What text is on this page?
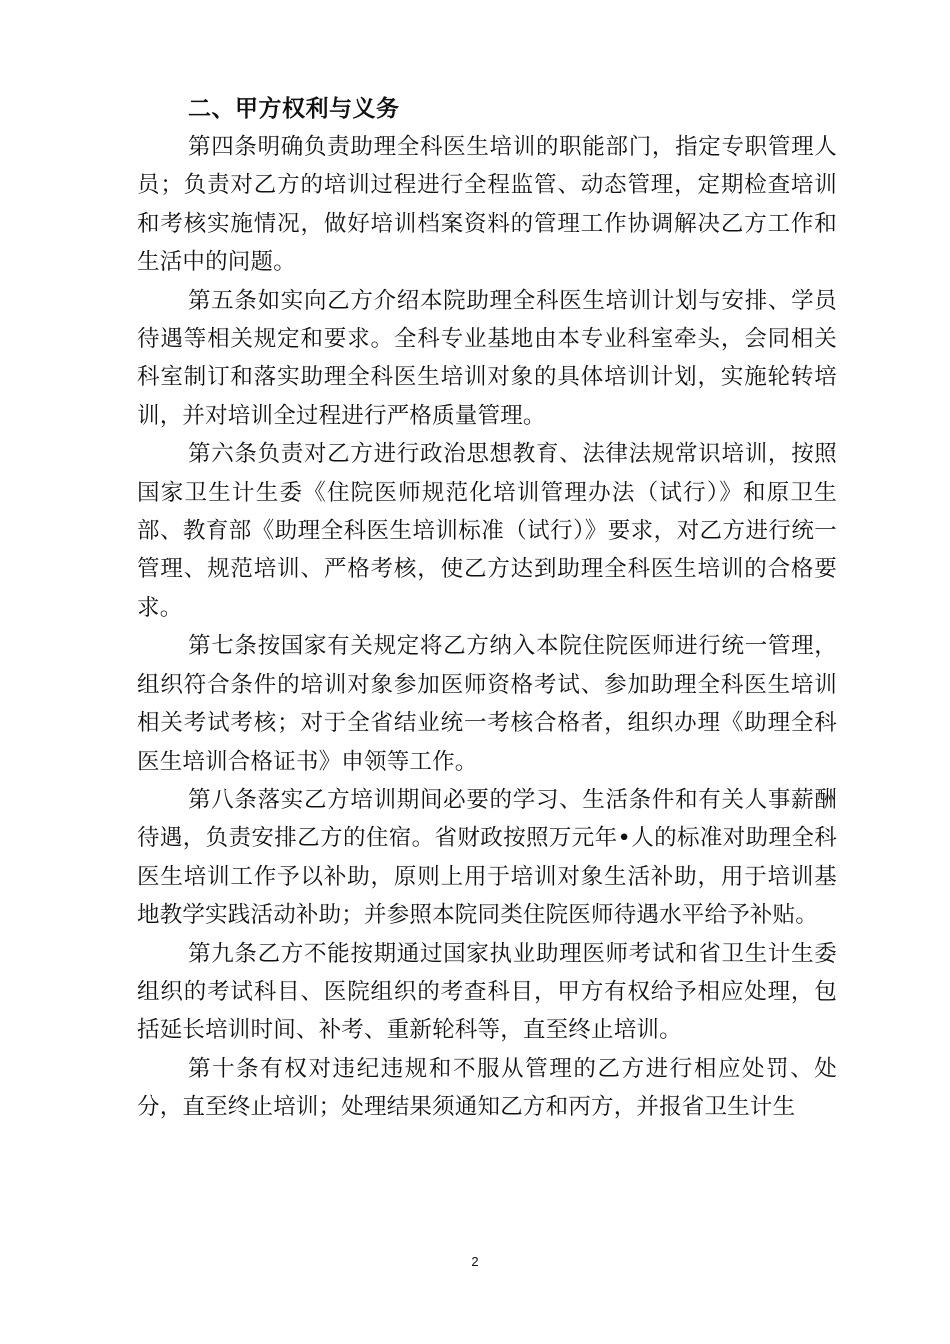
二、甲方权利与义务

第四条明确负责助理全科医生培训的职能部门，指定专职管理人员；负责对乙方的培训过程进行全程监管、动态管理，定期检查培训和考核实施情况，做好培训档案资料的管理工作协调解决乙方工作和生活中的问题。

第五条如实向乙方介绍本院助理全科医生培训计划与安排、学员待遇等相关规定和要求。全科专业基地由本专业科室牵头，会同相关科室制订和落实助理全科医生培训对象的具体培训计划，实施轮转培训，并对培训全过程进行严格质量管理。

第六条负责对乙方进行政治思想教育、法律法规常识培训，按照国家卫生计生委《住院医师规范化培训管理办法（试行）》和原卫生部、教育部《助理全科医生培训标准（试行）》要求，对乙方进行统一管理、规范培训、严格考核，使乙方达到助理全科医生培训的合格要求。

第七条按国家有关规定将乙方纳入本院住院医师进行统一管理，组织符合条件的培训对象参加医师资格考试、参加助理全科医生培训相关考试考核；对于全省结业统一考核合格者，组织办理《助理全科医生培训合格证书》申领等工作。

第八条落实乙方培训期间必要的学习、生活条件和有关人事薪酬待遇，负责安排乙方的住宿。省财政按照万元年•人的标准对助理全科医生培训工作予以补助，原则上用于培训对象生活补助，用于培训基地教学实践活动补助；并参照本院同类住院医师待遇水平给予补贴。

第九条乙方不能按期通过国家执业助理医师考试和省卫生计生委组织的考试科目、医院组织的考查科目，甲方有权给予相应处理，包括延长培训时间、补考、重新轮科等，直至终止培训。

第十条有权对违纪违规和不服从管理的乙方进行相应处罚、处分，直至终止培训；处理结果须通知乙方和丙方，并报省卫生计生

2
